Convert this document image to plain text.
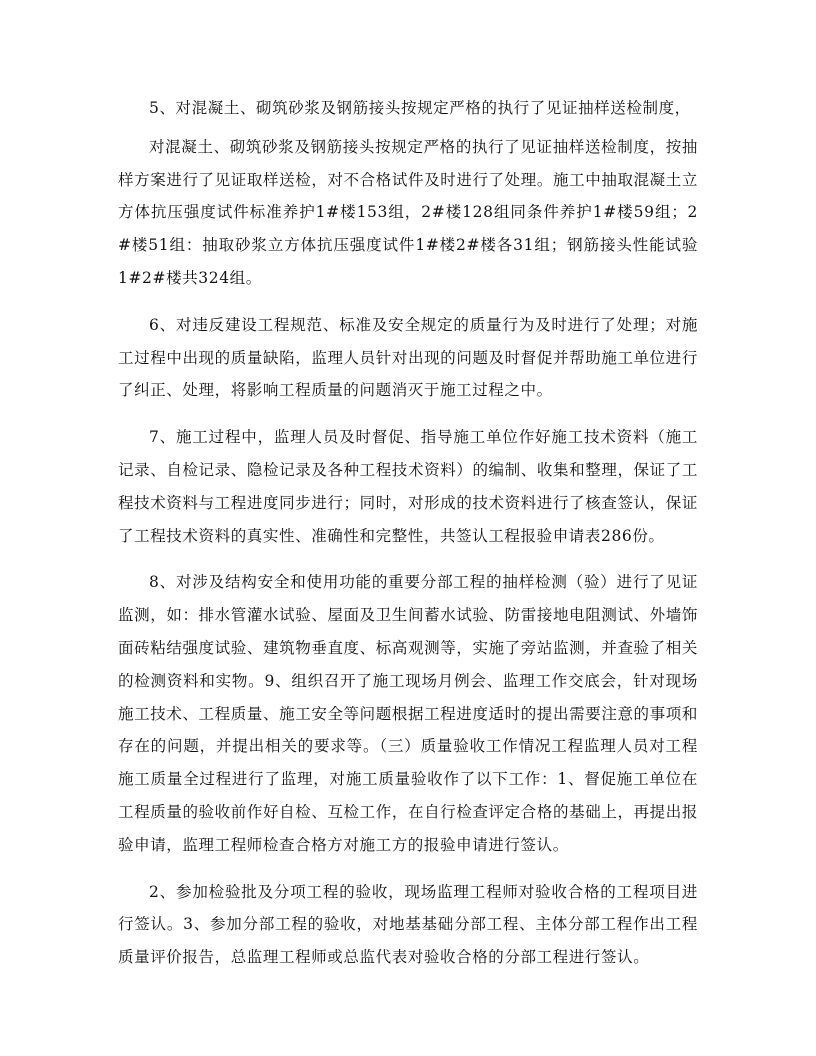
5、对混凝土、砌筑砂浆及钢筋接头按规定严格的执行了见证抽样送检制度，

对混凝土、砌筑砂浆及钢筋接头按规定严格的执行了见证抽样送检制度，按抽样方案进行了见证取样送检，对不合格试件及时进行了处理。施工中抽取混凝土立方体抗压强度试件标准养护1#楼153组，2#楼128组同条件养护1#楼59组；2#楼51组：抽取砂浆立方体抗压强度试件1#楼2#楼各31组；钢筋接头性能试验1#2#楼共324组。

6、对违反建设工程规范、标准及安全规定的质量行为及时进行了处理；对施工过程中出现的质量缺陷，监理人员针对出现的问题及时督促并帮助施工单位进行了纠正、处理，将影响工程质量的问题消灭于施工过程之中。

7、施工过程中，监理人员及时督促、指导施工单位作好施工技术资料（施工记录、自检记录、隐检记录及各种工程技术资料）的编制、收集和整理，保证了工程技术资料与工程进度同步进行；同时，对形成的技术资料进行了核查签认，保证了工程技术资料的真实性、准确性和完整性，共签认工程报验申请表286份。

8、对涉及结构安全和使用功能的重要分部工程的抽样检测（验）进行了见证监测，如：排水管灌水试验、屋面及卫生间蓄水试验、防雷接地电阻测试、外墙饰面砖粘结强度试验、建筑物垂直度、标高观测等，实施了旁站监测，并查验了相关的检测资料和实物。9、组织召开了施工现场月例会、监理工作交底会，针对现场施工技术、工程质量、施工安全等问题根据工程进度适时的提出需要注意的事项和存在的问题，并提出相关的要求等。（三）质量验收工作情况工程监理人员对工程施工质量全过程进行了监理，对施工质量验收作了以下工作：1、督促施工单位在工程质量的验收前作好自检、互检工作，在自行检查评定合格的基础上，再提出报验申请，监理工程师检查合格方对施工方的报验申请进行签认。

2、参加检验批及分项工程的验收，现场监理工程师对验收合格的工程项目进行签认。3、参加分部工程的验收，对地基基础分部工程、主体分部工程作出工程质量评价报告，总监理工程师或总监代表对验收合格的分部工程进行签认。
